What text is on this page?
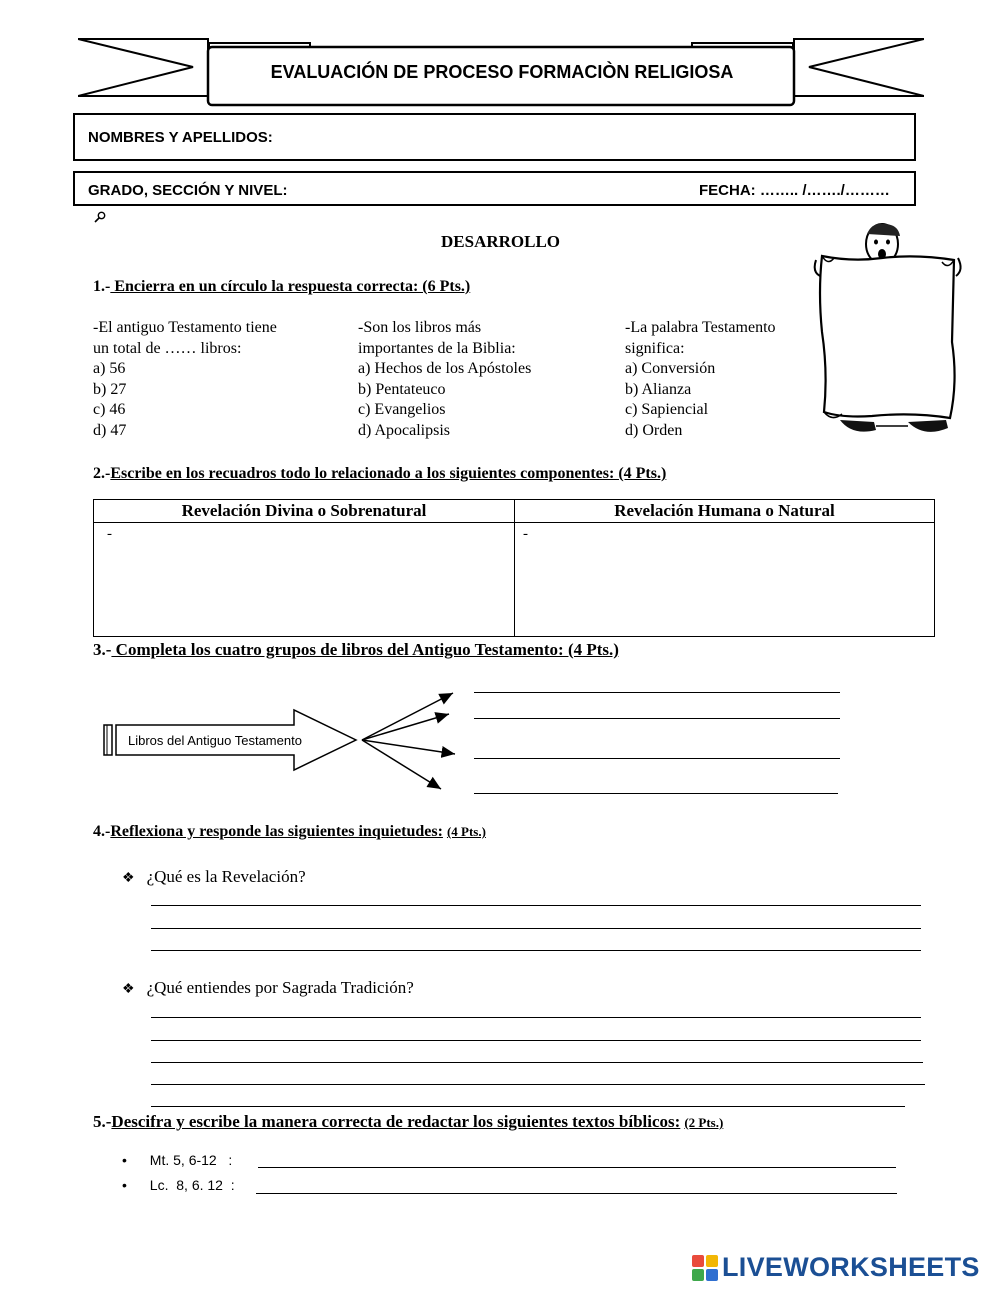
EVALUACIÓN DE PROCESO FORMACIÒN RELIGIOSA
NOMBRES Y APELLIDOS:
GRADO, SECCIÓN Y NIVEL:	FECHA: …….. /……./………
DESARROLLO
1.- Encierra en un círculo la respuesta correcta: (6 Pts.)
-El antiguo Testamento tiene
un total de …… libros:
a) 56
b) 27
c) 46
d) 47
-Son los libros más
importantes de la Biblia:
a) Hechos de los Apóstoles
b) Pentateuco
c) Evangelios
d) Apocalipsis
-La palabra Testamento
significa:
a) Conversión
b) Alianza
c) Sapiencial
d) Orden
2.-Escribe en los recuadros todo lo relacionado a los siguientes componentes: (4 Pts.)
Revelación Divina o Sobrenatural	Revelación Humana o Natural
-	-
3.- Completa los cuatro grupos de libros del Antiguo Testamento: (4 Pts.)
Libros del Antiguo Testamento
4.-Reflexiona y responde las siguientes inquietudes: (4 Pts.)
❖ ¿Qué es la Revelación?
❖ ¿Qué entiendes por Sagrada Tradición?
5.-Descifra y escribe la manera correcta de redactar los siguientes textos bíblicos: (2 Pts.)
• Mt. 5, 6-12   :
• Lc.  8, 6. 12  :
LIVEWORKSHEETS
